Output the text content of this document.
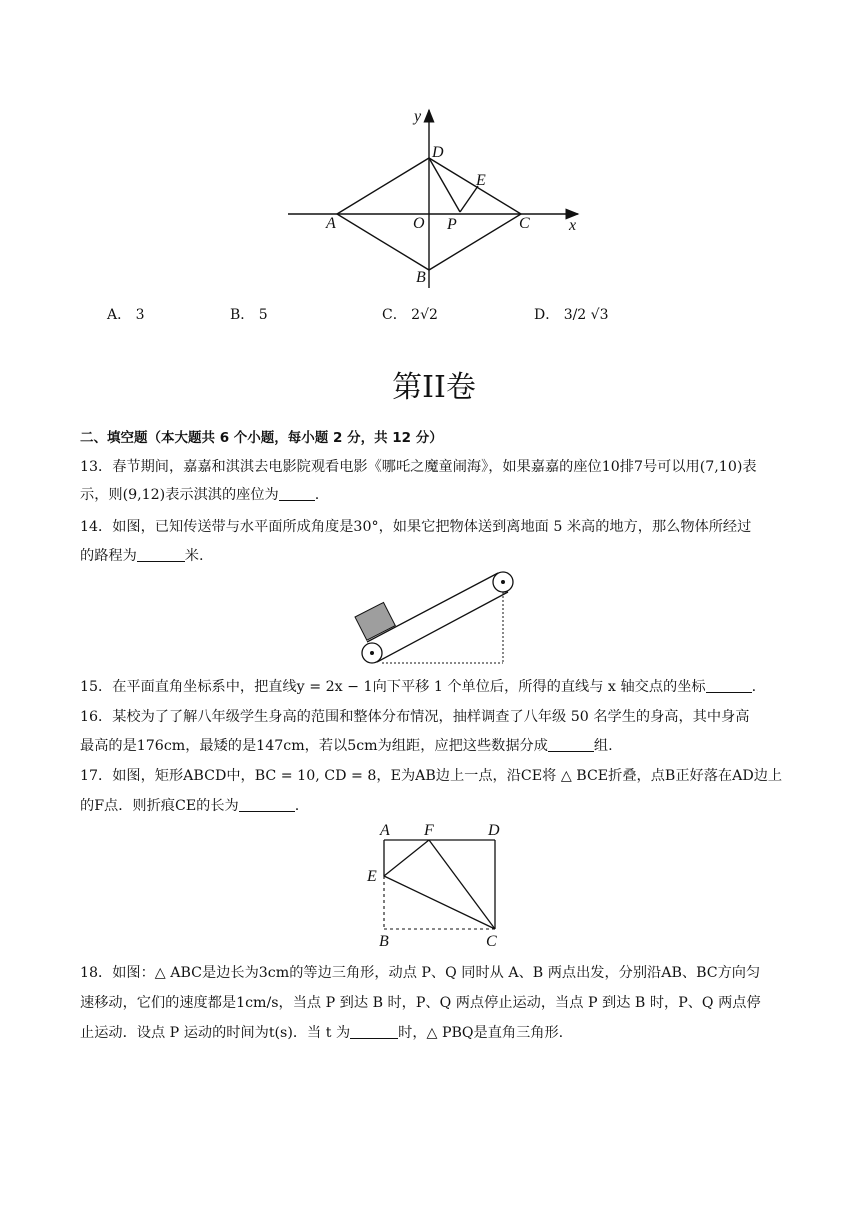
y
x
D
E
A	O P	C
B
A． 3	B． 5	C． 2√2	D． 3/2 √3
第II卷
二、填空题（本大题共 6 个小题，每小题 2 分，共 12 分）
13．春节期间，嘉嘉和淇淇去电影院观看电影《哪吒之魔童闹海》，如果嘉嘉的座位10排7号可以用(7,10)表
示，则(9,12)表示淇淇的座位为	.
14．如图，已知传送带与水平面所成角度是30°，如果它把物体送到离地面 5 米高的地方，那么物体所经过
的路程为	米.
15．在平面直角坐标系中，把直线y = 2x − 1向下平移 1 个单位后，所得的直线与 x 轴交点的坐标	.
16．某校为了了解八年级学生身高的范围和整体分布情况，抽样调查了八年级 50 名学生的身高，其中身高
最高的是176cm，最矮的是147cm，若以5cm为组距，应把这些数据分成	组.
17．如图，矩形ABCD中，BC = 10, CD = 8，E为AB边上一点，沿CE将 △ BCE折叠，点B正好落在AD边上
的F点．则折痕CE的长为	.
A F	D
E
B	C
18．如图：△ ABC是边长为3cm的等边三角形，动点 P、Q 同时从 A、B 两点出发，分别沿AB、BC方向匀
速移动，它们的速度都是1cm/s，当点 P 到达 B 时，P、Q 两点停止运动，当点 P 到达 B 时，P、Q 两点停
止运动．设点 P 运动的时间为t(s)．当 t 为	时，△ PBQ是直角三角形.
